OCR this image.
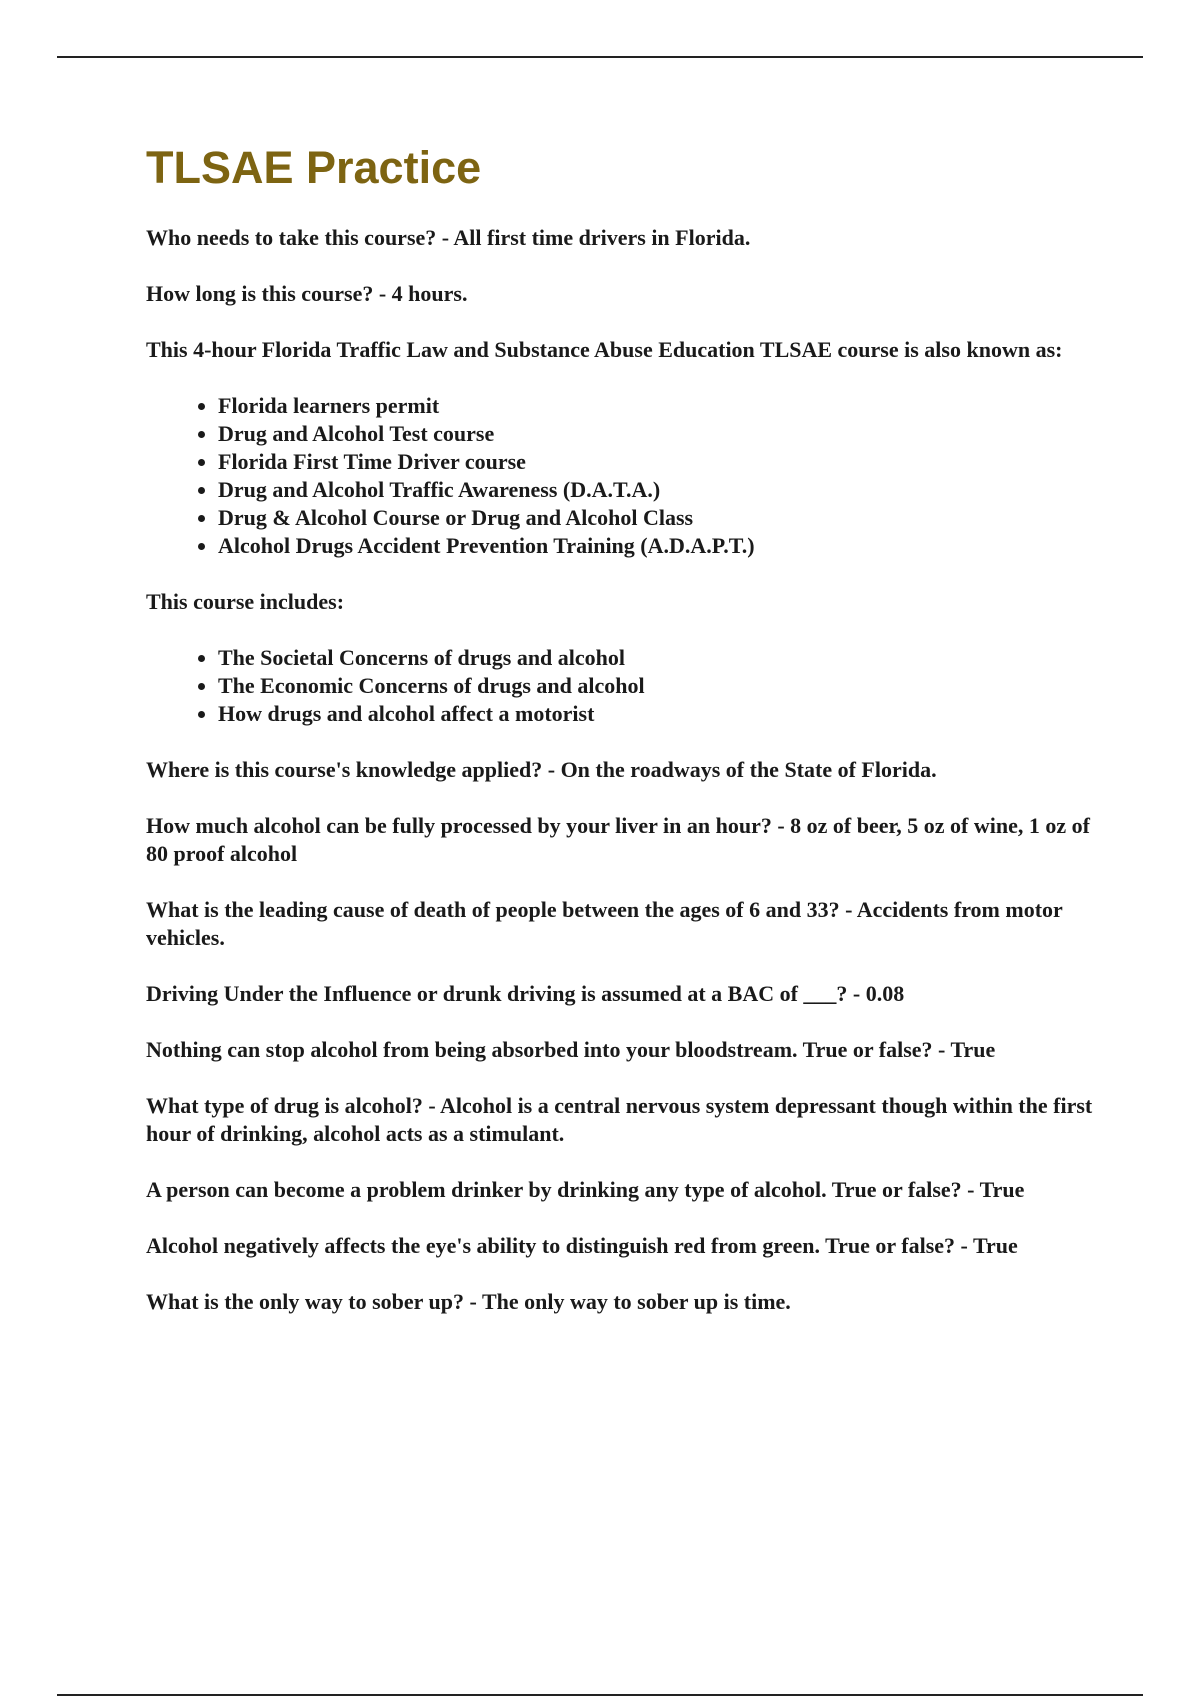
TLSAE Practice

Who needs to take this course? - All first time drivers in Florida.

How long is this course? - 4 hours.

This 4-hour Florida Traffic Law and Substance Abuse Education TLSAE course is also known as:

• Florida learners permit
• Drug and Alcohol Test course
• Florida First Time Driver course
• Drug and Alcohol Traffic Awareness (D.A.T.A.)
• Drug & Alcohol Course or Drug and Alcohol Class
• Alcohol Drugs Accident Prevention Training (A.D.A.P.T.)

This course includes:

• The Societal Concerns of drugs and alcohol
• The Economic Concerns of drugs and alcohol
• How drugs and alcohol affect a motorist

Where is this course's knowledge applied? - On the roadways of the State of Florida.

How much alcohol can be fully processed by your liver in an hour? - 8 oz of beer, 5 oz of wine, 1 oz of 80 proof alcohol

What is the leading cause of death of people between the ages of 6 and 33? - Accidents from motor vehicles.

Driving Under the Influence or drunk driving is assumed at a BAC of ___? - 0.08

Nothing can stop alcohol from being absorbed into your bloodstream. True or false? - True

What type of drug is alcohol? - Alcohol is a central nervous system depressant though within the first hour of drinking, alcohol acts as a stimulant.

A person can become a problem drinker by drinking any type of alcohol. True or false? - True

Alcohol negatively affects the eye's ability to distinguish red from green. True or false? - True

What is the only way to sober up? - The only way to sober up is time.
